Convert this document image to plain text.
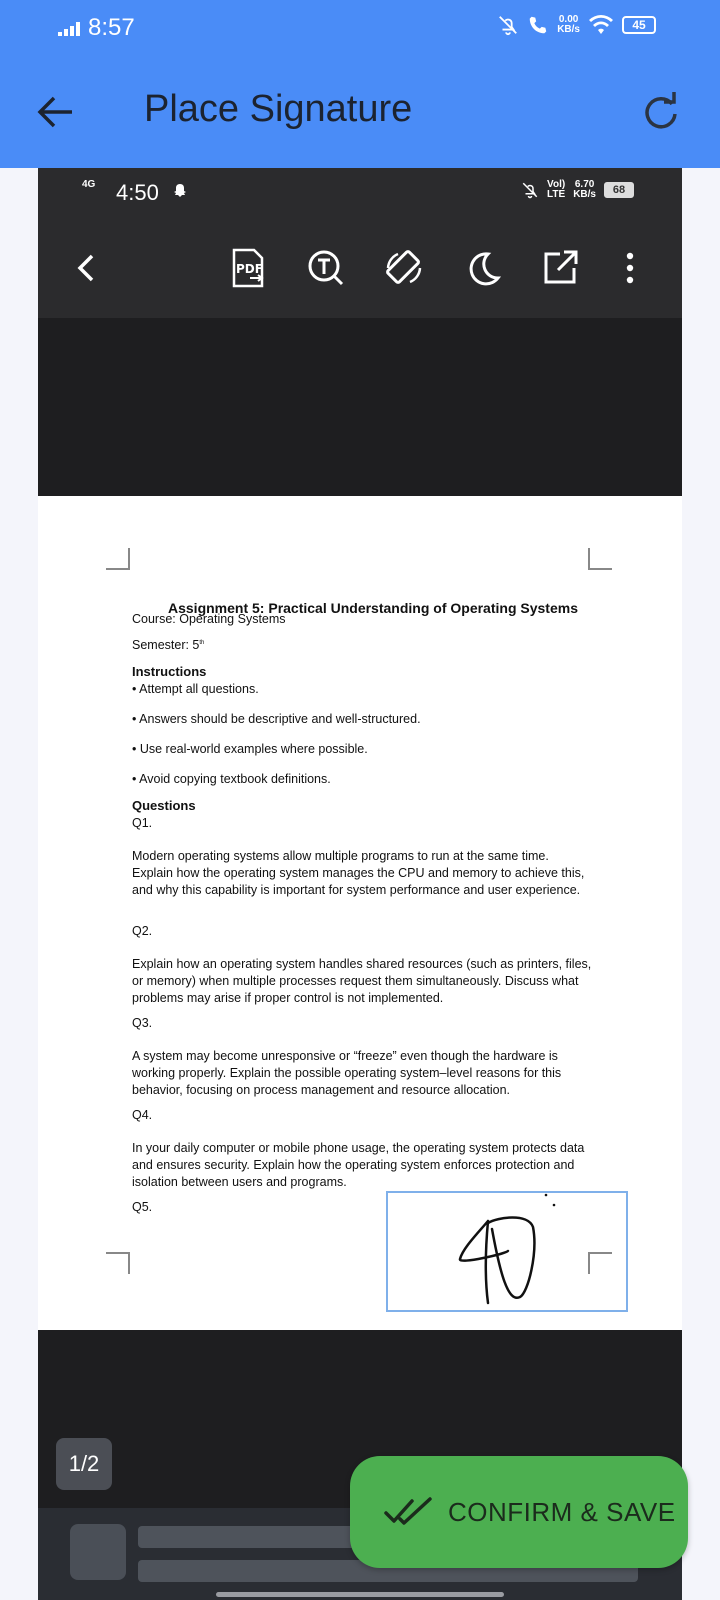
8:57	0.00
KB/s	45
Place Signature
4G 4:50	Vol)
LTE
6.70
KB/s	68
PDF
Assignment 5: Practical Understanding of Operating Systems
Course: Operating Systems
Semester: 5th
Instructions
• Attempt all questions.
• Answers should be descriptive and well-structured.
• Use real-world examples where possible.
• Avoid copying textbook definitions.
Questions
Q1.
Modern operating systems allow multiple programs to run at the same time. Explain how the operating system manages the CPU and memory to achieve this, and why this capability is important for system performance and user experience.
Q2.
Explain how an operating system handles shared resources (such as printers, files, or memory) when multiple processes request them simultaneously. Discuss what problems may arise if proper control is not implemented.
Q3.
A system may become unresponsive or “freeze” even though the hardware is working properly. Explain the possible operating system–level reasons for this behavior, focusing on process management and resource allocation.
Q4.
In your daily computer or mobile phone usage, the operating system protects data and ensures security. Explain how the operating system enforces protection and isolation between users and programs.
Q5.
1/2
CONFIRM & SAVE
